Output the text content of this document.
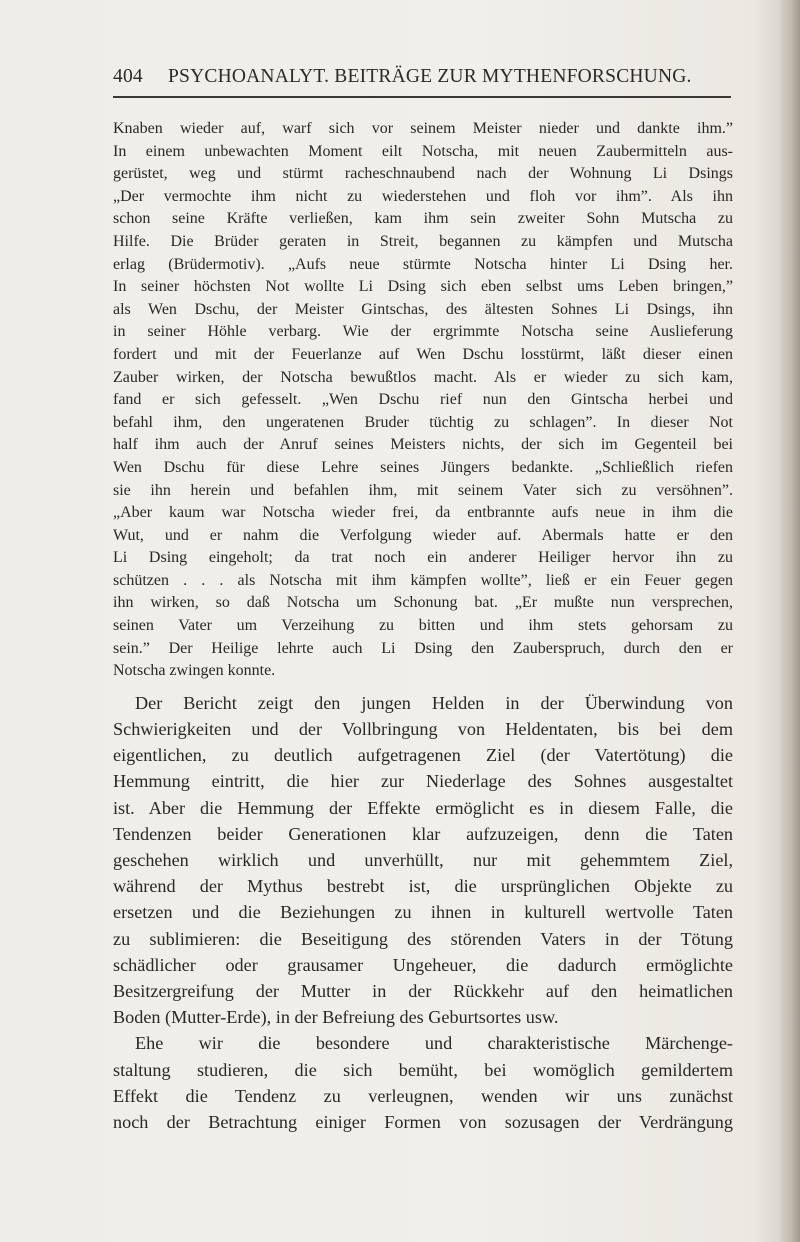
404 PSYCHOANALYT. BEITRÄGE ZUR MYTHENFORSCHUNG.

Knaben wieder auf, warf sich vor seinem Meister nieder und dankte ihm.”

In einem unbewachten Moment eilt Notscha, mit neuen Zaubermitteln aus-

gerüstet, weg und stürmt racheschnaubend nach der Wohnung Li Dsings

„Der vermochte ihm nicht zu wiederstehen und floh vor ihm”. Als ihn

schon seine Kräfte verließen, kam ihm sein zweiter Sohn Mutscha zu

Hilfe. Die Brüder geraten in Streit, begannen zu kämpfen und Mutscha

erlag (Brüdermotiv). „Aufs neue stürmte Notscha hinter Li Dsing her.

In seiner höchsten Not wollte Li Dsing sich eben selbst ums Leben bringen,”

als Wen Dschu, der Meister Gintschas, des ältesten Sohnes Li Dsings, ihn

in seiner Höhle verbarg. Wie der ergrimmte Notscha seine Auslieferung

fordert und mit der Feuerlanze auf Wen Dschu losstürmt, läßt dieser einen

Zauber wirken, der Notscha bewußtlos macht. Als er wieder zu sich kam,

fand er sich gefesselt. „Wen Dschu rief nun den Gintscha herbei und

befahl ihm, den ungeratenen Bruder tüchtig zu schlagen”. In dieser Not

half ihm auch der Anruf seines Meisters nichts, der sich im Gegenteil bei

Wen Dschu für diese Lehre seines Jüngers bedankte. „Schließlich riefen

sie ihn herein und befahlen ihm, mit seinem Vater sich zu versöhnen”.

„Aber kaum war Notscha wieder frei, da entbrannte aufs neue in ihm die

Wut, und er nahm die Verfolgung wieder auf. Abermals hatte er den

Li Dsing eingeholt; da trat noch ein anderer Heiliger hervor ihn zu

schützen . . . als Notscha mit ihm kämpfen wollte”, ließ er ein Feuer gegen

ihn wirken, so daß Notscha um Schonung bat. „Er mußte nun versprechen,

seinen Vater um Verzeihung zu bitten und ihm stets gehorsam zu

sein.” Der Heilige lehrte auch Li Dsing den Zauberspruch, durch den er

Notscha zwingen konnte.

Der Bericht zeigt den jungen Helden in der Überwindung von

Schwierigkeiten und der Vollbringung von Heldentaten, bis bei dem

eigentlichen, zu deutlich aufgetragenen Ziel (der Vatertötung) die

Hemmung eintritt, die hier zur Niederlage des Sohnes ausgestaltet

ist. Aber die Hemmung der Effekte ermöglicht es in diesem Falle, die

Tendenzen beider Generationen klar aufzuzeigen, denn die Taten

geschehen wirklich und unverhüllt, nur mit gehemmtem Ziel,

während der Mythus bestrebt ist, die ursprünglichen Objekte zu

ersetzen und die Beziehungen zu ihnen in kulturell wertvolle Taten

zu sublimieren: die Beseitigung des störenden Vaters in der Tötung

schädlicher oder grausamer Ungeheuer, die dadurch ermöglichte

Besitzergreifung der Mutter in der Rückkehr auf den heimatlichen

Boden (Mutter-Erde), in der Befreiung des Geburtsortes usw.

Ehe wir die besondere und charakteristische Märchenge-

staltung studieren, die sich bemüht, bei womöglich gemildertem

Effekt die Tendenz zu verleugnen, wenden wir uns zunächst

noch der Betrachtung einiger Formen von sozusagen der Verdrängung
